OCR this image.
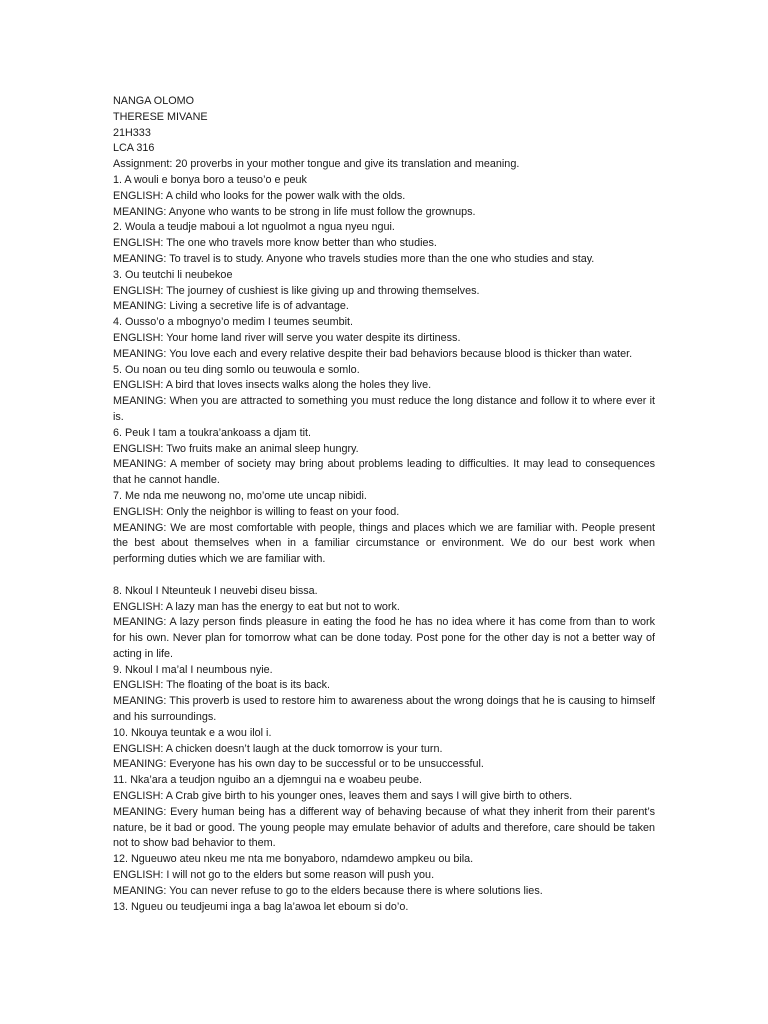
NANGA OLOMO
THERESE MIVANE
21H333
LCA 316
Assignment: 20 proverbs in your mother tongue and give its translation and meaning.
1. A wouli e bonya boro a teuso’o e peuk
ENGLISH: A child who looks for the power walk with the olds.
MEANING: Anyone who wants to be strong in life must follow the grownups.
2. Woula a teudje maboui a lot nguolmot a ngua nyeu ngui.
ENGLISH: The one who travels more know better than who studies.
MEANING: To travel is to study. Anyone who travels studies more than the one who studies and stay.
3. Ou teutchi li neubekoe
ENGLISH: The journey of cushiest is like giving up and throwing themselves.
MEANING: Living a secretive life is of advantage.
4. Ousso’o a mbognyo’o medim I teumes seumbit.
ENGLISH: Your home land river will serve you water despite its dirtiness.
MEANING: You love each and every relative despite their bad behaviors because blood is thicker than water.
5. Ou noan ou teu ding somlo ou teuwoula e somlo.
ENGLISH: A bird that loves insects walks along the holes they live.
MEANING: When you are attracted to something you must reduce the long distance and follow it to where ever it is.
6. Peuk I tam a toukra’ankoass a djam tit.
ENGLISH: Two fruits make an animal sleep hungry.
MEANING: A member of society may bring about problems leading to difficulties. It may lead to consequences that he cannot handle.
7. Me nda me neuwong no, mo’ome ute uncap nibidi.
ENGLISH: Only the neighbor is willing to feast on your food.
MEANING: We are most comfortable with people, things and places which we are familiar with. People present the best about themselves when in a familiar circumstance or environment. We do our best work when performing duties which we are familiar with.
8. Nkoul I Nteunteuk I neuvebi diseu bissa.
ENGLISH: A lazy man has the energy to eat but not to work.
MEANING: A lazy person finds pleasure in eating the food he has no idea where it has come from than to work for his own. Never plan for tomorrow what can be done today. Post pone for the other day is not a better way of acting in life.
9. Nkoul I ma’al I neumbous nyie.
ENGLISH: The floating of the boat is its back.
MEANING: This proverb is used to restore him to awareness about the wrong doings that he is causing to himself and his surroundings.
10. Nkouya teuntak e a wou ilol i.
ENGLISH: A chicken doesn’t laugh at the duck tomorrow is your turn.
MEANING: Everyone has his own day to be successful or to be unsuccessful.
11. Nka’ara a teudjon nguibo an a djemngui na e woabeu peube.
ENGLISH: A Crab give birth to his younger ones, leaves them and says I will give birth to others.
MEANING: Every human being has a different way of behaving because of what they inherit from their parent’s nature, be it bad or good. The young people may emulate behavior of adults and therefore, care should be taken not to show bad behavior to them.
12. Ngueuwo ateu nkeu me nta me bonyaboro, ndamdewo ampkeu ou bila.
ENGLISH: I will not go to the elders but some reason will push you.
MEANING: You can never refuse to go to the elders because there is where solutions lies.
13. Ngueu ou teudjeumi inga a bag la’awoa let eboum si do’o.
